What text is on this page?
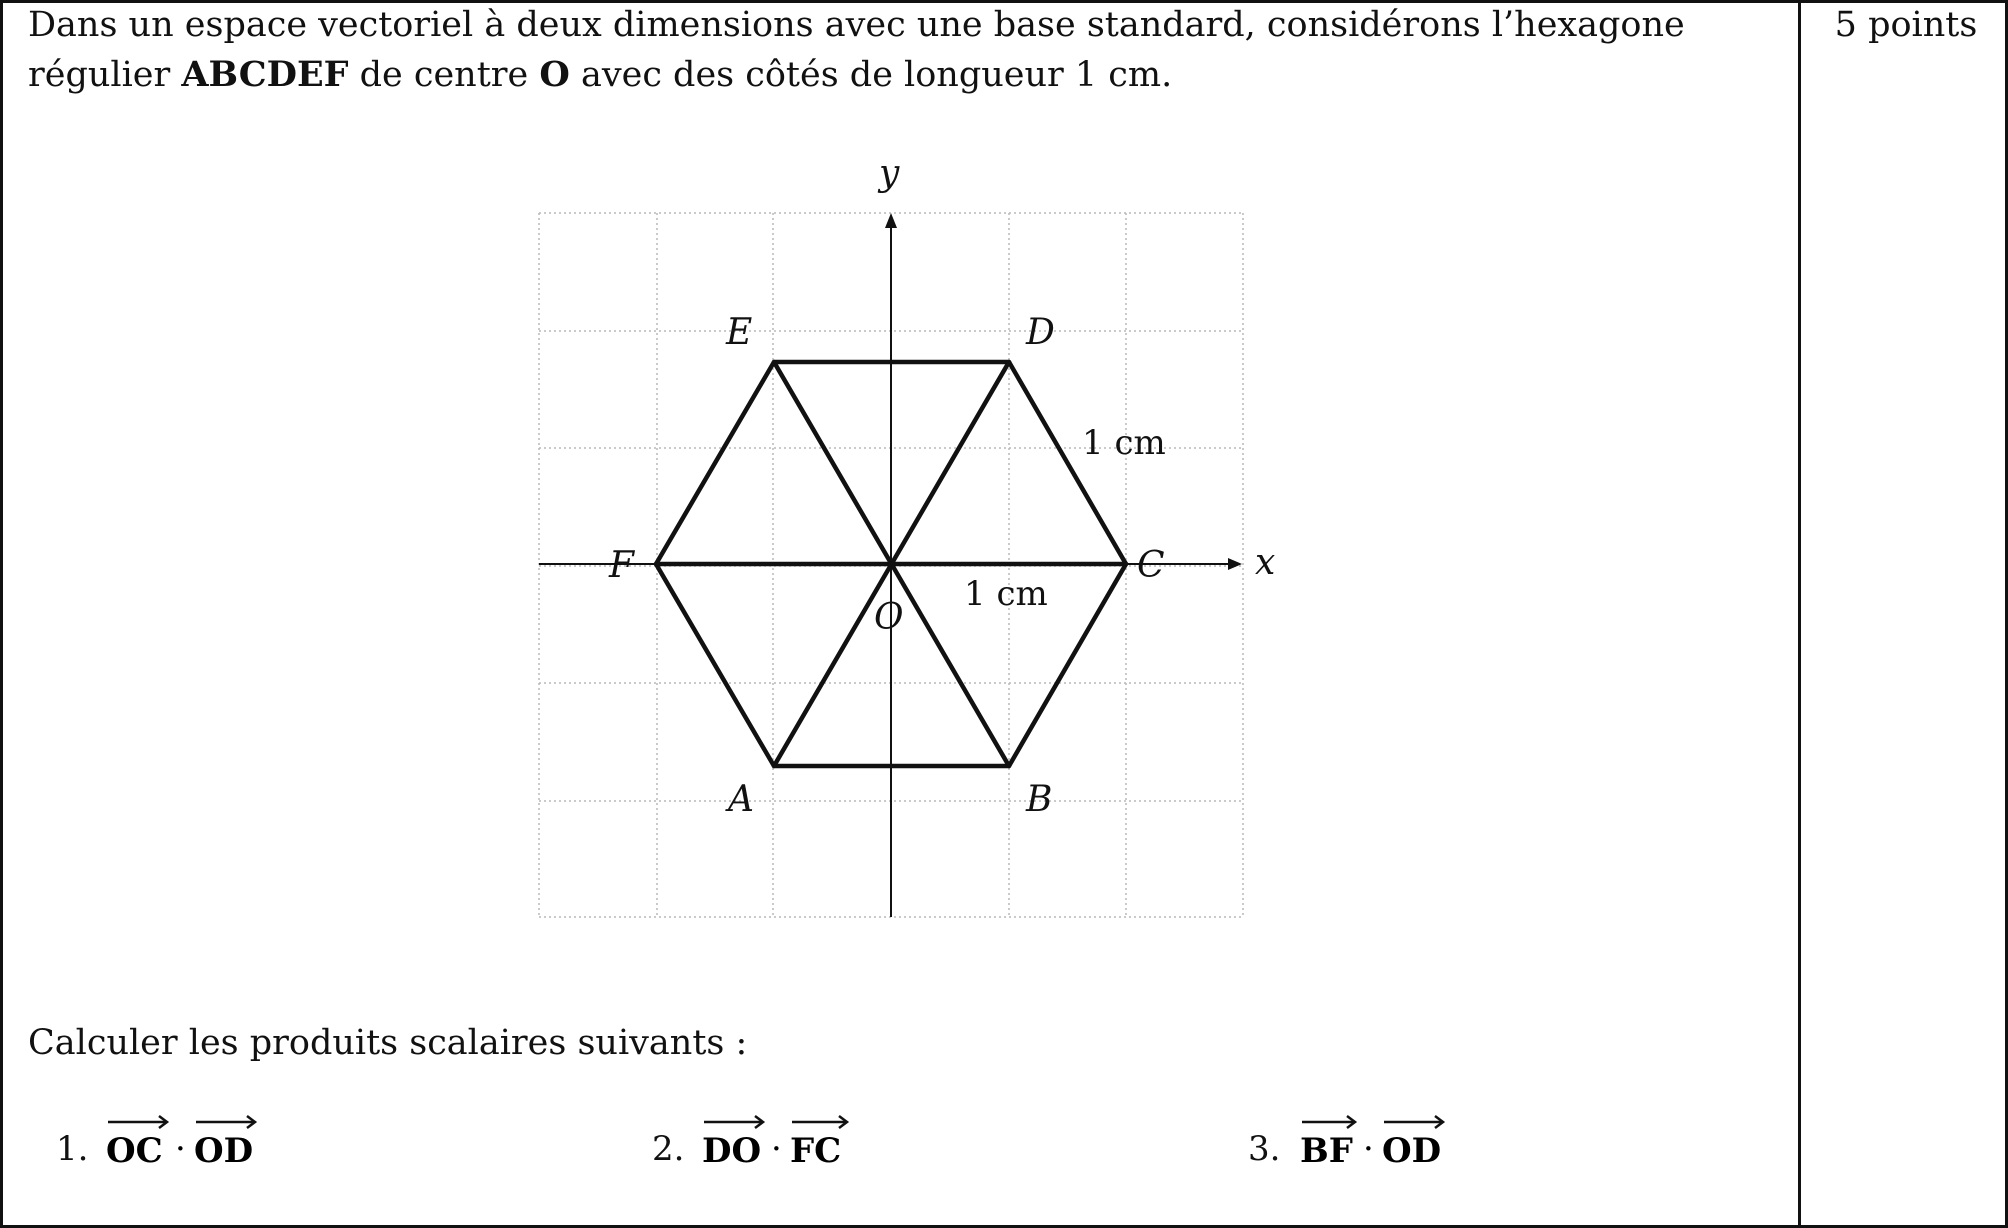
Dans un espace vectoriel à deux dimensions avec une base standard, considérons l’hexagone
régulier ABCDEF de centre O avec des côtés de longueur 1 cm.
5 points
y
x
E	D
F	C
O
A	B
1 cm
1 cm
Calculer les produits scalaires suivants :
1. OC · OD	2. DO · FC	3. BF · OD
